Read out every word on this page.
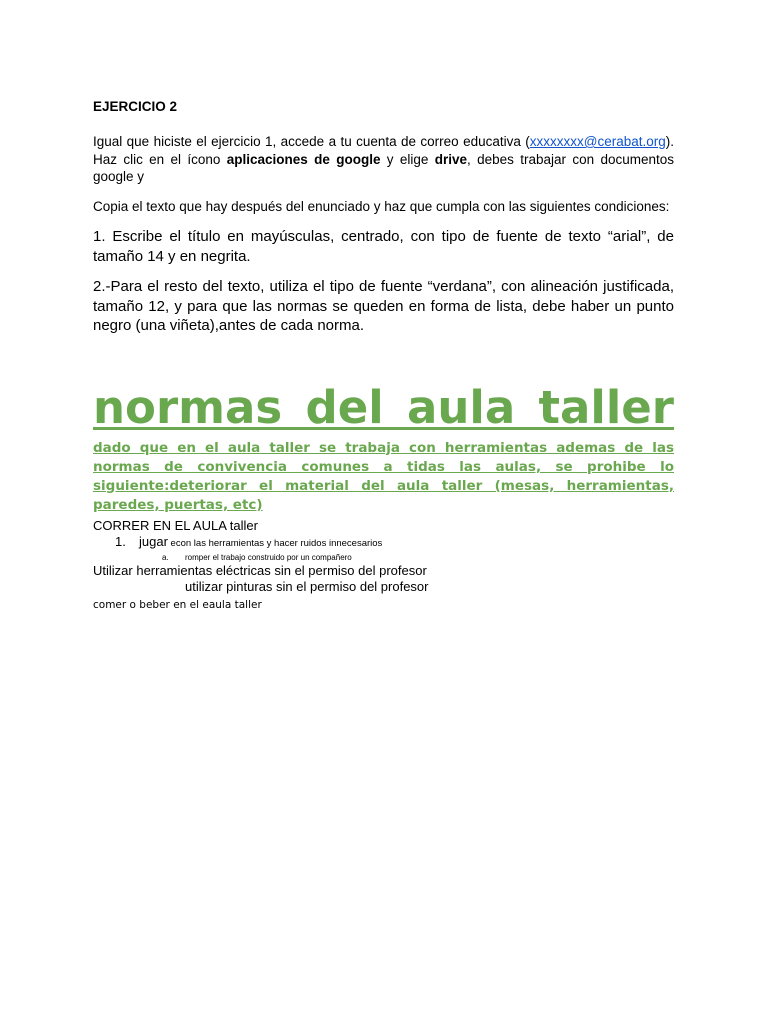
EJERCICIO 2

Igual que hiciste el ejercicio 1, accede a tu cuenta de correo educativa (xxxxxxxx@cerabat.org). Haz clic en el ícono aplicaciones de google y elige drive, debes trabajar con documentos google y

Copia el texto que hay después del enunciado y haz que cumpla con las siguientes condiciones:

1. Escribe el título en mayúsculas, centrado, con tipo de fuente de texto “arial”, de tamaño 14 y en negrita.

2.-Para el resto del texto, utiliza el tipo de fuente “verdana”, con alineación justificada, tamaño 12, y para que las normas se queden en forma de lista, debe haber un punto negro (una viñeta),antes de cada norma.

normas del aula taller

dado que en el aula taller se trabaja con herramientas ademas de las normas de convivencia comunes a tidas las aulas, se prohibe lo siguiente:deteriorar el material del aula taller (mesas, herramientas, paredes, puertas, etc)

CORRER EN EL AULA taller
1. jugar econ las herramientas y hacer ruidos innecesarios
a. romper el trabajo construido por un compañero
Utilizar herramientas eléctricas sin el permiso del profesor
utilizar pinturas sin el permiso del profesor
comer o beber en el eaula taller
